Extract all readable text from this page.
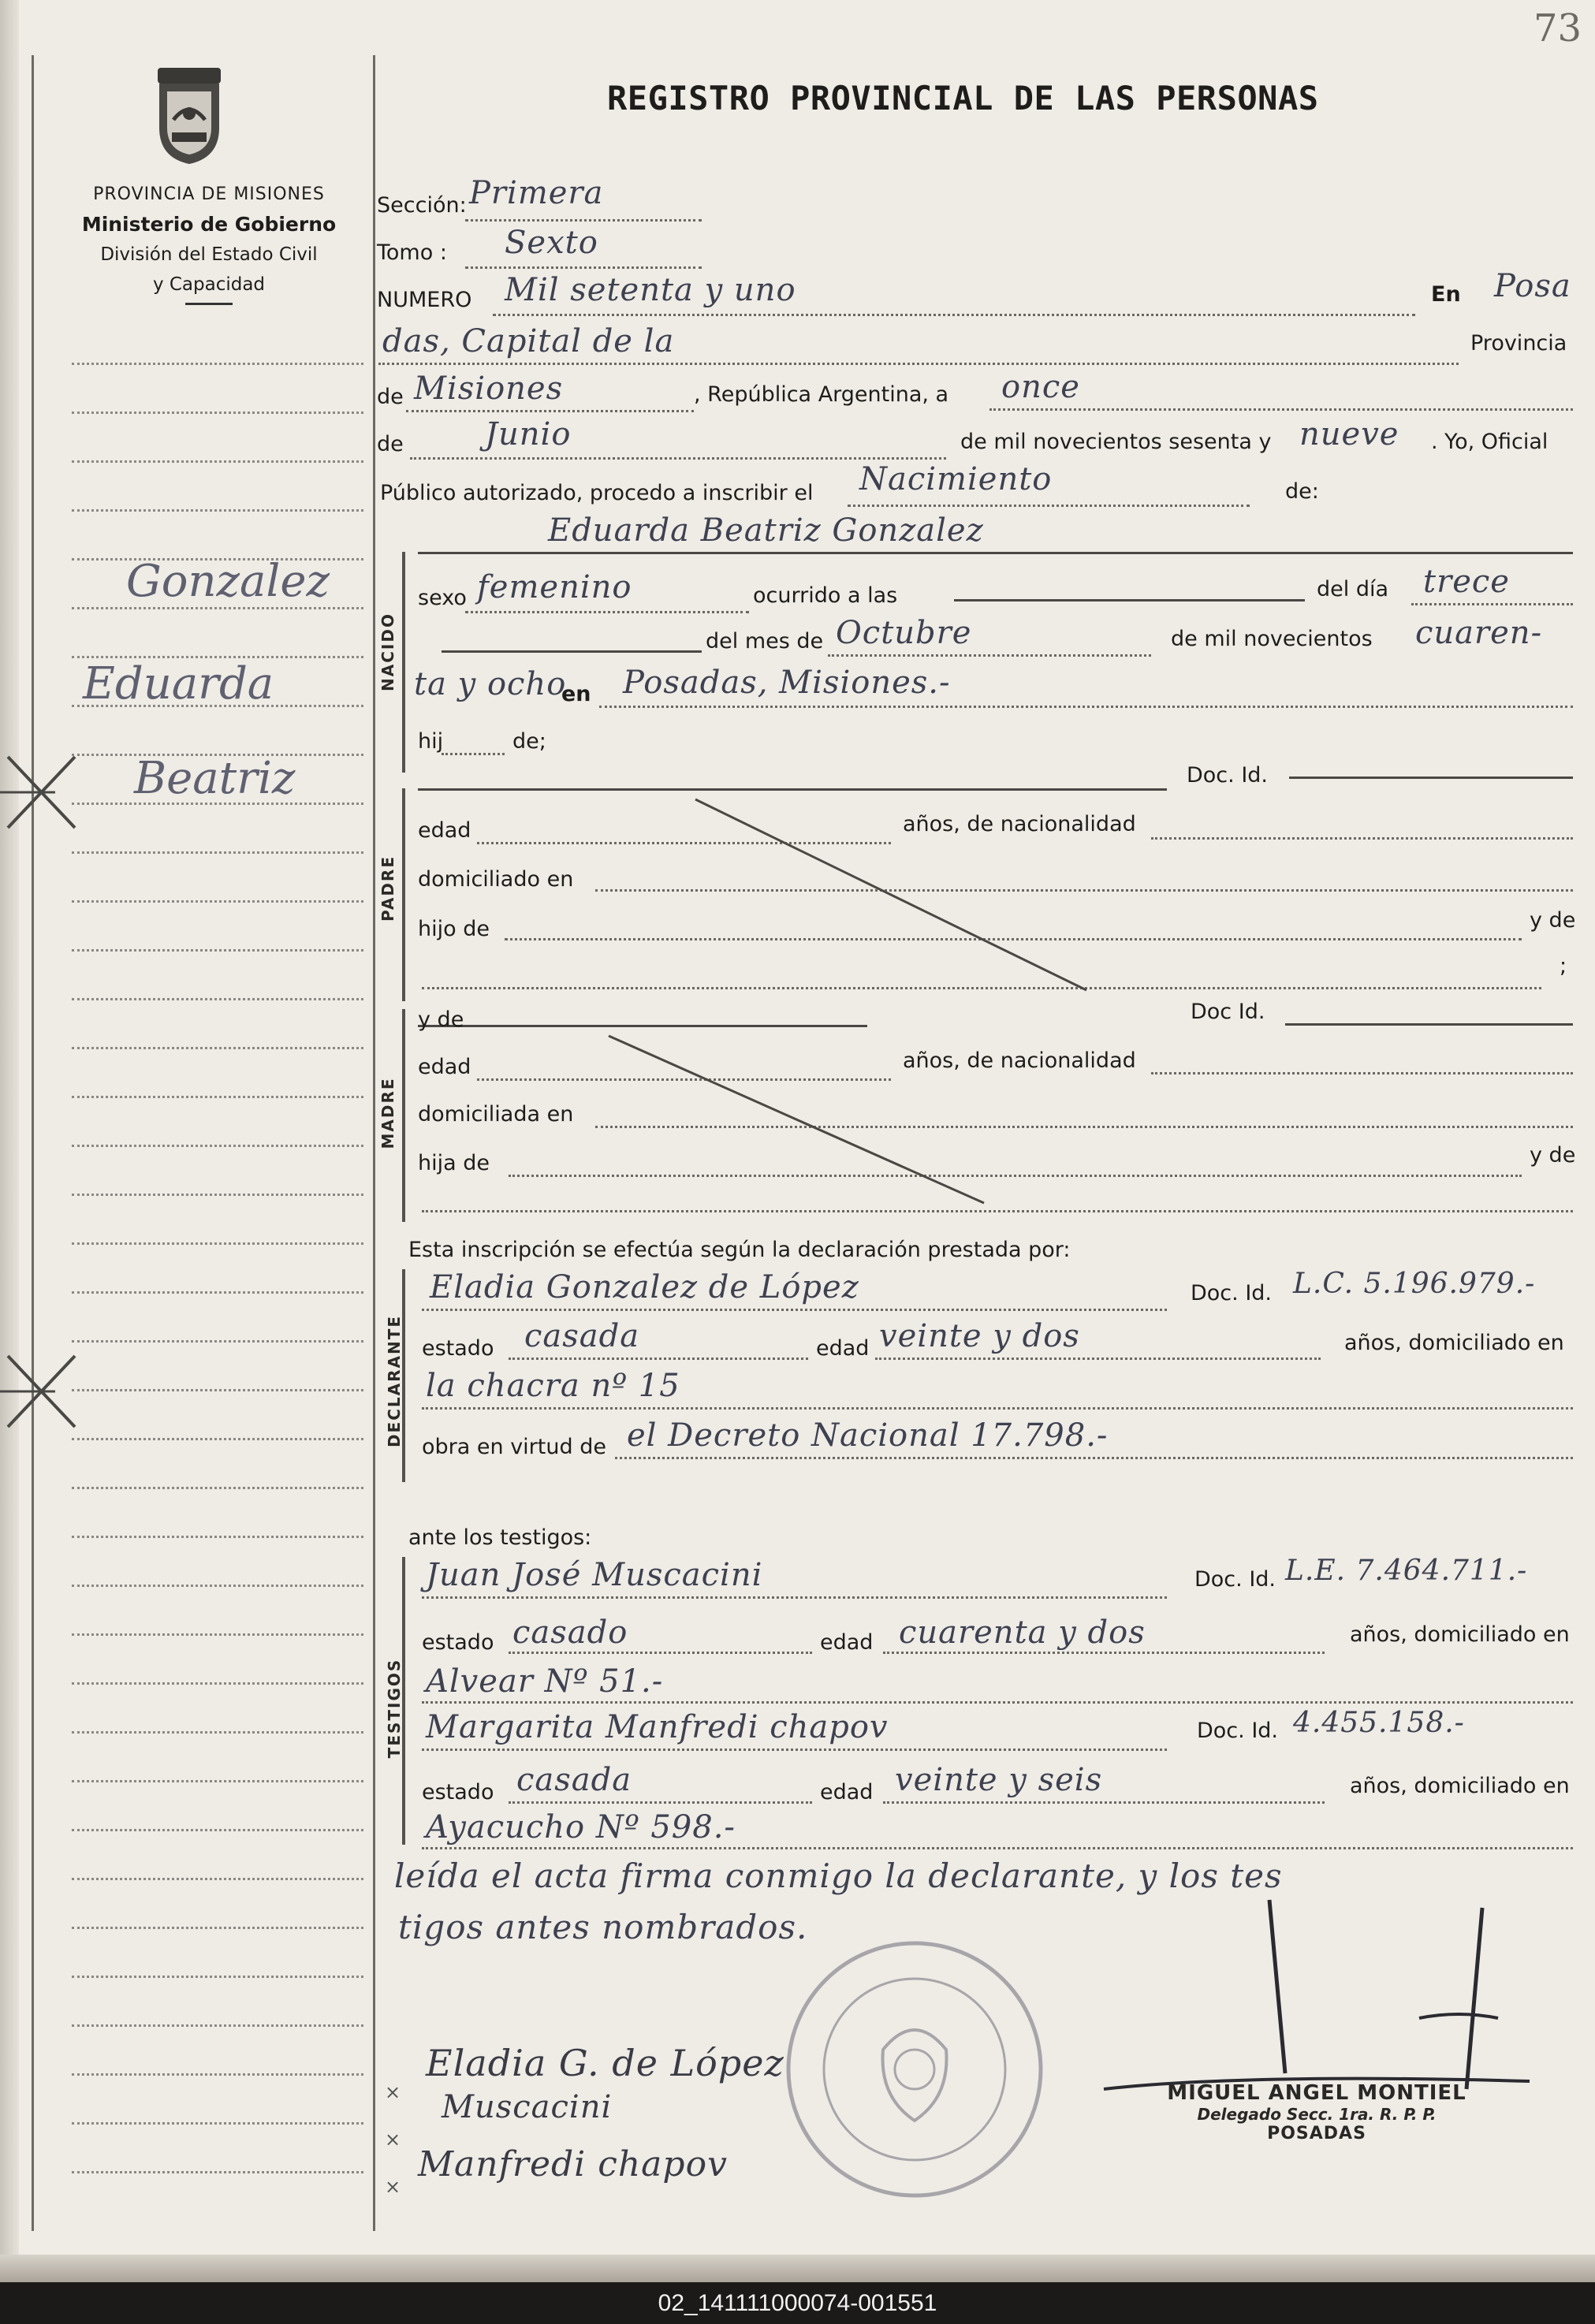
73
PROVINCIA DE MISIONES
Ministerio de Gobierno
División del Estado Civil
y Capacidad
Gonzalez
Eduarda
Beatriz
REGISTRO PROVINCIAL DE LAS PERSONAS
Sección: Primera
Tomo : Sexto
NUMERO Mil setenta y uno	En Posa
das, Capital de la	Provincia
de Misiones	, República Argentina, a once
de	Junio	de mil novecientos sesenta y nueve . Yo, Oficial
Público autorizado, procedo a inscribir el Nacimiento	de:
Eduarda Beatriz Gonzalez
NACIDO
sexo femenino	ocurrido a las	del día trece
del mes de Octubre	de mil novecientos cuaren-
ta y ocho
en Posadas, Misiones.-
hij	de;
Doc. Id.
PADRE
edad	años, de nacionalidad
domiciliado en
hijo de	y de
;
y de	Doc Id.
MADRE
edad	años, de nacionalidad
domiciliada en
hija de	y de
Esta inscripción se efectúa según la declaración prestada por:
DECLARANTE
Eladia Gonzalez de López	Doc. Id. L.C. 5.196.979.-
estado casada	edad veinte y dos	años, domiciliado en
la chacra nº 15
obra en virtud de el Decreto Nacional 17.798.-
ante los testigos:
TESTIGOS
Juan José Muscacini	Doc. Id. L.E. 7.464.711.-
estado casado	edad cuarenta y dos	años, domiciliado en
Alvear Nº 51.-
Margarita Manfredi chapov	Doc. Id. 4.455.158.-
estado casada	edad veinte y seis	años, domiciliado en
Ayacucho Nº 598.-
leída el acta firma conmigo la declarante, y los tes
tigos antes nombrados.
Eladia G. de López
Muscacini
Manfredi chapov
×
×
×
MIGUEL ANGEL MONTIEL
Delegado Secc. 1ra. R. P. P.
POSADAS
02_141111000074-001551
